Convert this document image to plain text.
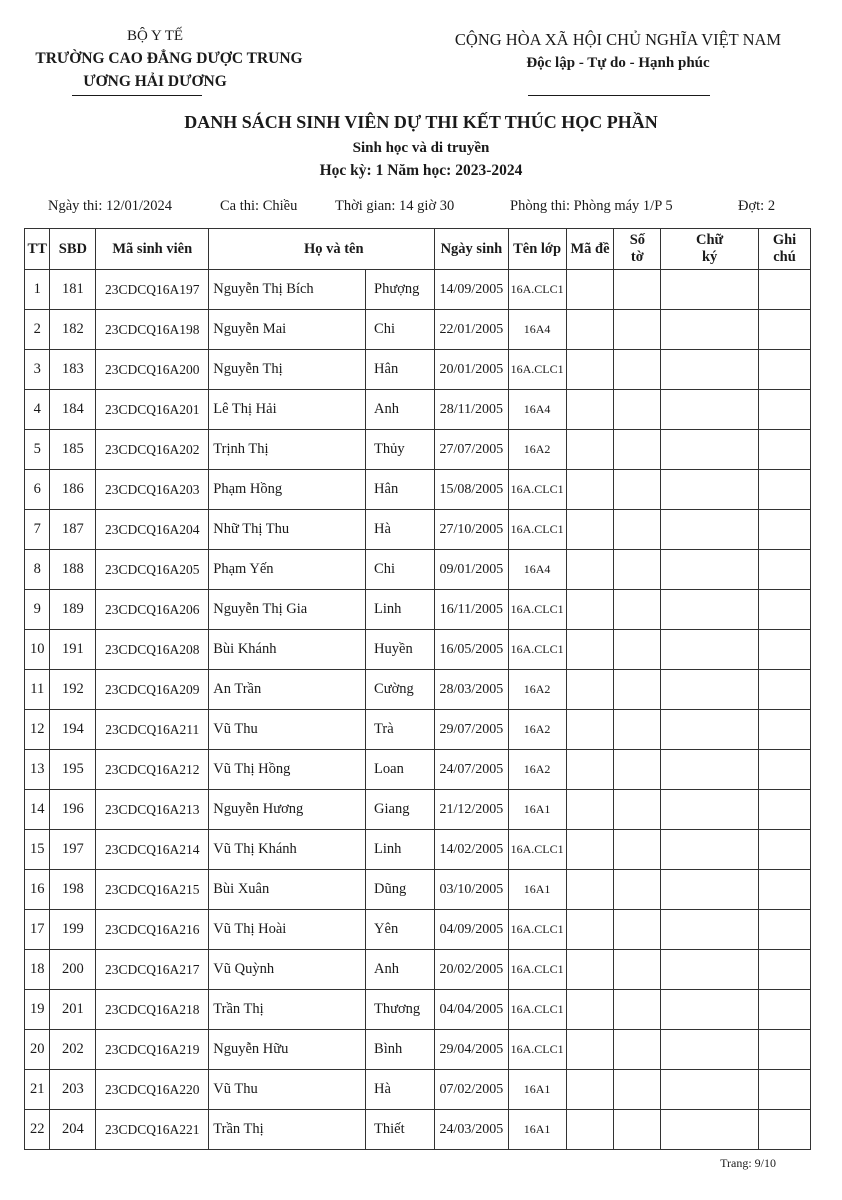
BỘ Y TẾ
TRƯỜNG CAO ĐẲNG DƯỢC TRUNG
ƯƠNG HẢI DƯƠNG
CỘNG HÒA XÃ HỘI CHỦ NGHĨA VIỆT NAM
Độc lập - Tự do - Hạnh phúc
DANH SÁCH SINH VIÊN DỰ THI KẾT THÚC HỌC PHẦN
Sinh học và di truyền
Học kỳ: 1 Năm học: 2023-2024
Ngày thi: 12/01/2024	Ca thi: Chiều	Thời gian: 14 giờ 30	Phòng thi: Phòng máy 1/P 5	Đợt: 2
TT	SBD	Mã sinh viên	Họ và tên		Ngày sinh	Tên lớp	Mã đề	Số tờ	Chữ ký	Ghi chú
1	181	23CDCQ16A197	Nguyễn Thị Bích	Phượng	14/09/2005	16A.CLC1				
2	182	23CDCQ16A198	Nguyễn Mai	Chi	22/01/2005	16A4				
3	183	23CDCQ16A200	Nguyễn Thị	Hân	20/01/2005	16A.CLC1				
4	184	23CDCQ16A201	Lê Thị Hải	Anh	28/11/2005	16A4				
5	185	23CDCQ16A202	Trịnh Thị	Thủy	27/07/2005	16A2				
6	186	23CDCQ16A203	Phạm Hồng	Hân	15/08/2005	16A.CLC1				
7	187	23CDCQ16A204	Nhữ Thị Thu	Hà	27/10/2005	16A.CLC1				
8	188	23CDCQ16A205	Phạm Yến	Chi	09/01/2005	16A4				
9	189	23CDCQ16A206	Nguyễn Thị Gia	Linh	16/11/2005	16A.CLC1				
10	191	23CDCQ16A208	Bùi Khánh	Huyền	16/05/2005	16A.CLC1				
11	192	23CDCQ16A209	An Trần	Cường	28/03/2005	16A2				
12	194	23CDCQ16A211	Vũ Thu	Trà	29/07/2005	16A2				
13	195	23CDCQ16A212	Vũ Thị Hồng	Loan	24/07/2005	16A2				
14	196	23CDCQ16A213	Nguyễn Hương	Giang	21/12/2005	16A1				
15	197	23CDCQ16A214	Vũ Thị Khánh	Linh	14/02/2005	16A.CLC1				
16	198	23CDCQ16A215	Bùi Xuân	Dũng	03/10/2005	16A1				
17	199	23CDCQ16A216	Vũ Thị Hoài	Yên	04/09/2005	16A.CLC1				
18	200	23CDCQ16A217	Vũ Quỳnh	Anh	20/02/2005	16A.CLC1				
19	201	23CDCQ16A218	Trần Thị	Thương	04/04/2005	16A.CLC1				
20	202	23CDCQ16A219	Nguyễn Hữu	Bình	29/04/2005	16A.CLC1				
21	203	23CDCQ16A220	Vũ Thu	Hà	07/02/2005	16A1				
22	204	23CDCQ16A221	Trần Thị	Thiết	24/03/2005	16A1				
Trang: 9/10
